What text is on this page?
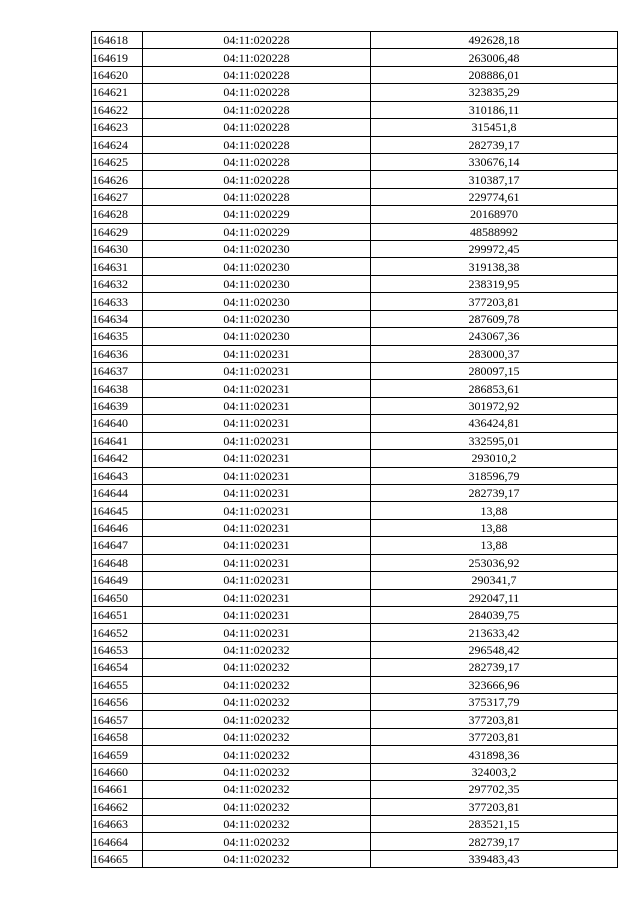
164618	04:11:020228	492628,18
164619	04:11:020228	263006,48
164620	04:11:020228	208886,01
164621	04:11:020228	323835,29
164622	04:11:020228	310186,11
164623	04:11:020228	315451,8
164624	04:11:020228	282739,17
164625	04:11:020228	330676,14
164626	04:11:020228	310387,17
164627	04:11:020228	229774,61
164628	04:11:020229	20168970
164629	04:11:020229	48588992
164630	04:11:020230	299972,45
164631	04:11:020230	319138,38
164632	04:11:020230	238319,95
164633	04:11:020230	377203,81
164634	04:11:020230	287609,78
164635	04:11:020230	243067,36
164636	04:11:020231	283000,37
164637	04:11:020231	280097,15
164638	04:11:020231	286853,61
164639	04:11:020231	301972,92
164640	04:11:020231	436424,81
164641	04:11:020231	332595,01
164642	04:11:020231	293010,2
164643	04:11:020231	318596,79
164644	04:11:020231	282739,17
164645	04:11:020231	13,88
164646	04:11:020231	13,88
164647	04:11:020231	13,88
164648	04:11:020231	253036,92
164649	04:11:020231	290341,7
164650	04:11:020231	292047,11
164651	04:11:020231	284039,75
164652	04:11:020231	213633,42
164653	04:11:020232	296548,42
164654	04:11:020232	282739,17
164655	04:11:020232	323666,96
164656	04:11:020232	375317,79
164657	04:11:020232	377203,81
164658	04:11:020232	377203,81
164659	04:11:020232	431898,36
164660	04:11:020232	324003,2
164661	04:11:020232	297702,35
164662	04:11:020232	377203,81
164663	04:11:020232	283521,15
164664	04:11:020232	282739,17
164665	04:11:020232	339483,43
